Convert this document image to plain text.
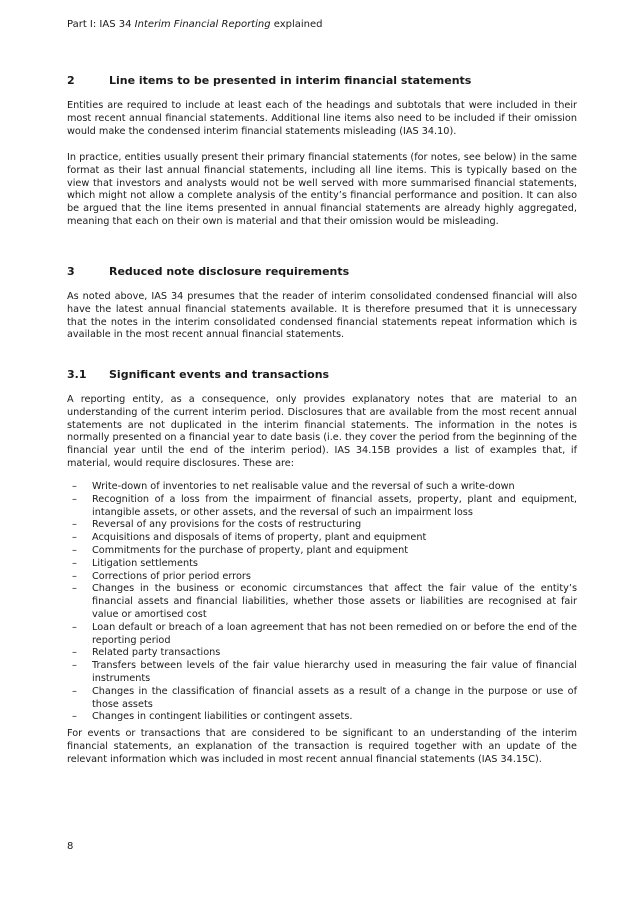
Part I: IAS 34 Interim Financial Reporting explained
2	Line items to be presented in interim financial statements

Entities are required to include at least each of the headings and subtotals that were included in their most recent annual financial statements. Additional line items also need to be included if their omission would make the condensed interim financial statements misleading (IAS 34.10).

In practice, entities usually present their primary financial statements (for notes, see below) in the same format as their last annual financial statements, including all line items. This is typically based on the view that investors and analysts would not be well served with more summarised financial statements, which might not allow a complete analysis of the entity’s financial performance and position. It can also be argued that the line items presented in annual financial statements are already highly aggregated, meaning that each on their own is material and that their omission would be misleading.

3	Reduced note disclosure requirements

As noted above, IAS 34 presumes that the reader of interim consolidated condensed financial will also have the latest annual financial statements available. It is therefore presumed that it is unnecessary that the notes in the interim consolidated condensed financial statements repeat information which is available in the most recent annual financial statements.

3.1 Significant events and transactions

A reporting entity, as a consequence, only provides explanatory notes that are material to an understanding of the current interim period. Disclosures that are available from the most recent annual statements are not duplicated in the interim financial statements. The information in the notes is normally presented on a financial year to date basis (i.e. they cover the period from the beginning of the financial year until the end of the interim period). IAS 34.15B provides a list of examples that, if material, would require disclosures. These are:

– Write-down of inventories to net realisable value and the reversal of such a write-down
– Recognition of a loss from the impairment of financial assets, property, plant and equipment, intangible assets, or other assets, and the reversal of such an impairment loss
– Reversal of any provisions for the costs of restructuring
– Acquisitions and disposals of items of property, plant and equipment
– Commitments for the purchase of property, plant and equipment
– Litigation settlements
– Corrections of prior period errors
– Changes in the business or economic circumstances that affect the fair value of the entity’s financial assets and financial liabilities, whether those assets or liabilities are recognised at fair value or amortised cost
– Loan default or breach of a loan agreement that has not been remedied on or before the end of the reporting period
– Related party transactions
– Transfers between levels of the fair value hierarchy used in measuring the fair value of financial instruments
– Changes in the classification of financial assets as a result of a change in the purpose or use of those assets
– Changes in contingent liabilities or contingent assets.

For events or transactions that are considered to be significant to an understanding of the interim financial statements, an explanation of the transaction is required together with an update of the relevant information which was included in most recent annual financial statements (IAS 34.15C).

8
